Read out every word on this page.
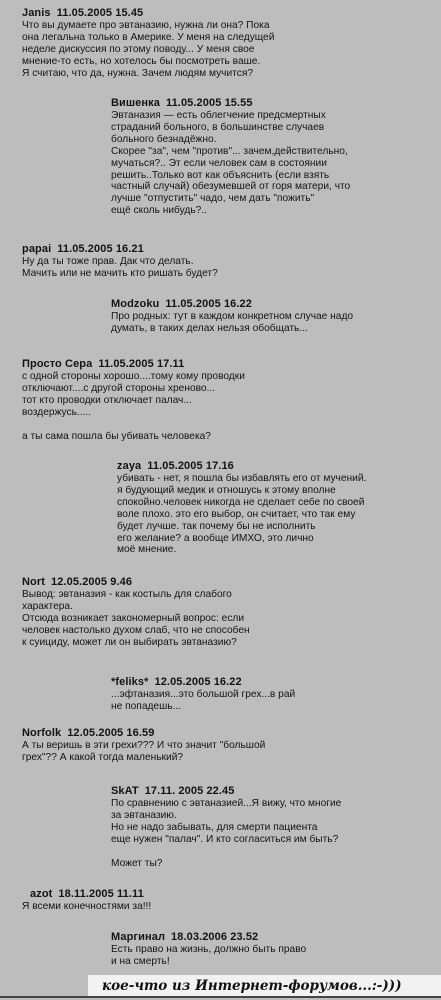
Janis 11.05.2005 15.45
Что вы думаете про эвтаназию, нужна ли она? Пока
она легальна только в Америке. У меня на следущей
неделе дискуссия по этому поводу... У меня свое
мнение-то есть, но хотелось бы посмотреть ваше.
Я считаю, что да, нужна. Зачем людям мучится?
Вишенка 11.05.2005 15.55
Эвтаназия — есть облегчение предсмертных
страданий больного, в большинстве случаев
больного безнадёжно.
Скорее "за", чем "против"... зачем,действительно,
мучаться?.. Эт если человек сам в состоянии
решить..Только вот как объяснить (если взять
частный случай) обезумевшей от горя матери, что
лучше "отпустить" чадо, чем дать "пожить"
ещё сколь нибудь?..
papai 11.05.2005 16.21
Ну да ты тоже прав. Дак что делать.
Мачить или не мачить кто ришать будет?
Modzoku 11.05.2005 16.22
Про родных: тут в каждом конкретном случае надо
думать, в таких делах нельзя обобщать...
Просто Сера 11.05.2005 17.11
с одной стороны хорошо....тому кому проводки
отключают....с другой стороны хреново...
тот кто проводки отключает палач...
воздержусь.....
а ты сама пошла бы убивать человека?
zaya 11.05.2005 17.16
убивать - нет, я пошла бы избавлять его от мучений.
я будующий медик и отношусь к этому вполне
спокойно.человек никогда не сделает себе по своей
воле плохо. это его выбор, он считает, что так ему
будет лучше. так почему бы не исполнить
его желание? а вообще ИМХО, это лично
моё мнение.
Nort 12.05.2005 9.46
Вывод: эвтаназия - как костыль для слабого
характера.
Отсюда возникает закономерный вопрос: если
человек настолько духом слаб, что не способен
к суициду, может ли он выбирать эвтаназию?
*feliks* 12.05.2005 16.22
...эфтаназия...это большой грех...в рай
не попадешь...
Norfolk 12.05.2005 16.59
А ты веришь в эти грехи??? И что значит "большой
грех"?? А какой тогда маленький?
SkAT 17.11. 2005 22.45
По сравнению с эвтаназией...Я вижу, что многие
за эвтаназию.
Но не надо забывать, для смерти пациента
еще нужен "палач". И кто согласиться им быть?
Может ты?
azot 18.11.2005 11.11
Я всеми конечностями за!!!
Маргинал 18.03.2006 23.52
Есть право на жизнь, должно быть право
и на смерть!
кое-что из Интернет-форумов...:-)))
